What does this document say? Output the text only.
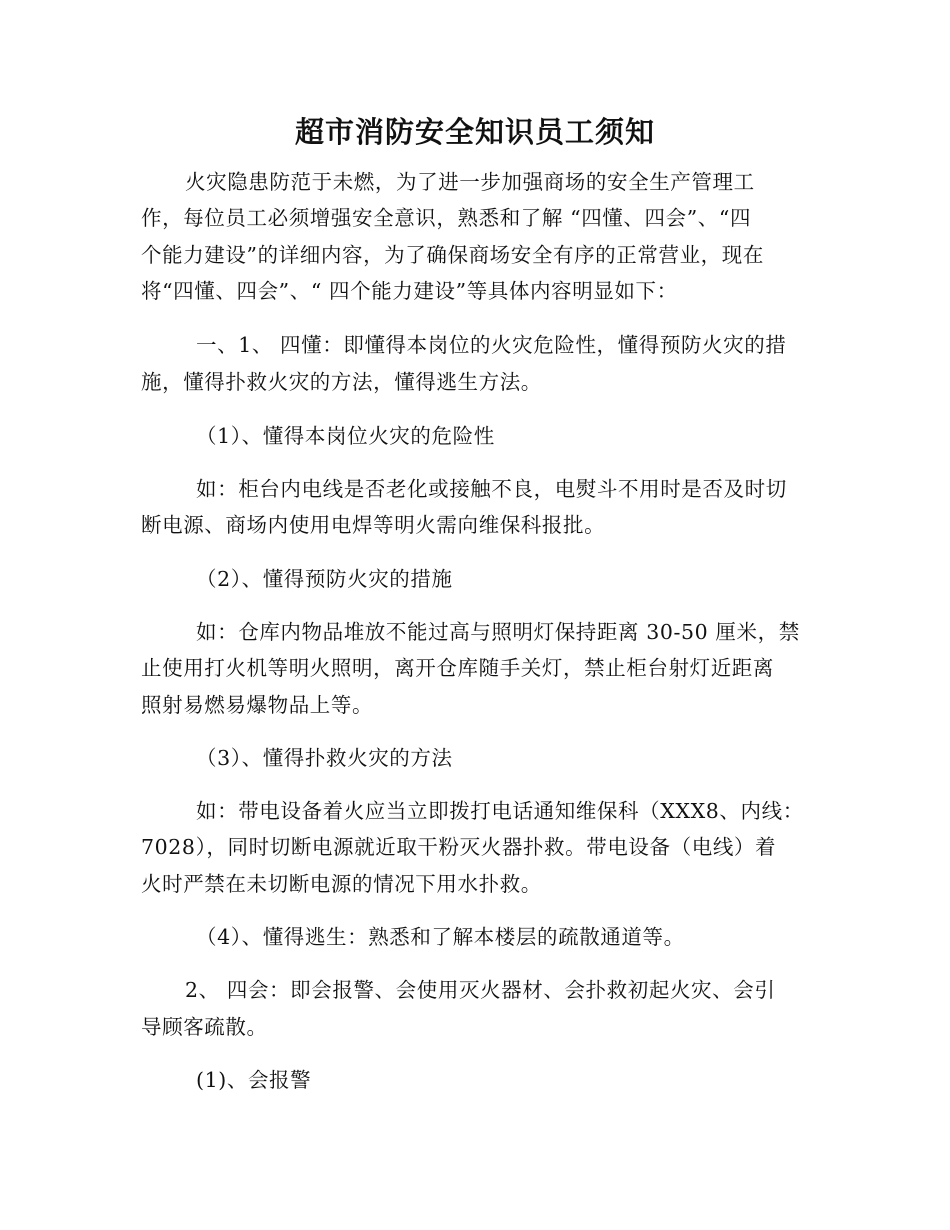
超市消防安全知识员工须知
火灾隐患防范于未燃，为了进一步加强商场的安全生产管理工
作，每位员工必须增强安全意识，熟悉和了解 “四懂、四会”、“四
个能力建设”的详细内容，为了确保商场安全有序的正常营业，现在
将“四懂、四会”、“ 四个能力建设”等具体内容明显如下：
一、1、 四懂：即懂得本岗位的火灾危险性，懂得预防火灾的措
施，懂得扑救火灾的方法，懂得逃生方法。
（1）、懂得本岗位火灾的危险性
如：柜台内电线是否老化或接触不良，电熨斗不用时是否及时切
断电源、商场内使用电焊等明火需向维保科报批。
（2）、懂得预防火灾的措施
如：仓库内物品堆放不能过高与照明灯保持距离 30-50 厘米，禁
止使用打火机等明火照明，离开仓库随手关灯，禁止柜台射灯近距离
照射易燃易爆物品上等。
（3）、懂得扑救火灾的方法
如：带电设备着火应当立即拨打电话通知维保科（XXX8、内线：
7028），同时切断电源就近取干粉灭火器扑救。带电设备（电线）着
火时严禁在未切断电源的情况下用水扑救。
（4）、懂得逃生：熟悉和了解本楼层的疏散通道等。
2、 四会：即会报警、会使用灭火器材、会扑救初起火灾、会引
导顾客疏散。
(1)、会报警
